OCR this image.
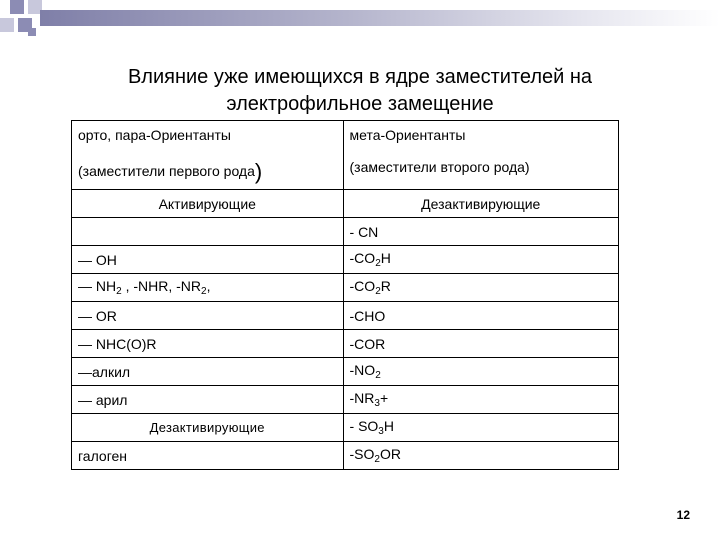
Влияние уже имеющихся в ядре заместителей на
электрофильное замещение
орто, пара-Ориентанты	мета-Ориентанты
(заместители первого рода)	(заместители второго рода)
Активирующие	Дезактивирующие
	- CN
— OH	$-CO_2H$
— $NH_2$ , -NHR, $-NR_2$,	$-CO_2R$
— OR	-CHO
— NHC(O)R	-COR
—алкил	$-NO_2$
— арил	$-NR_3+$
Дезактивирующие	- $SO_3H$
галоген	$-SO_2OR$
12
